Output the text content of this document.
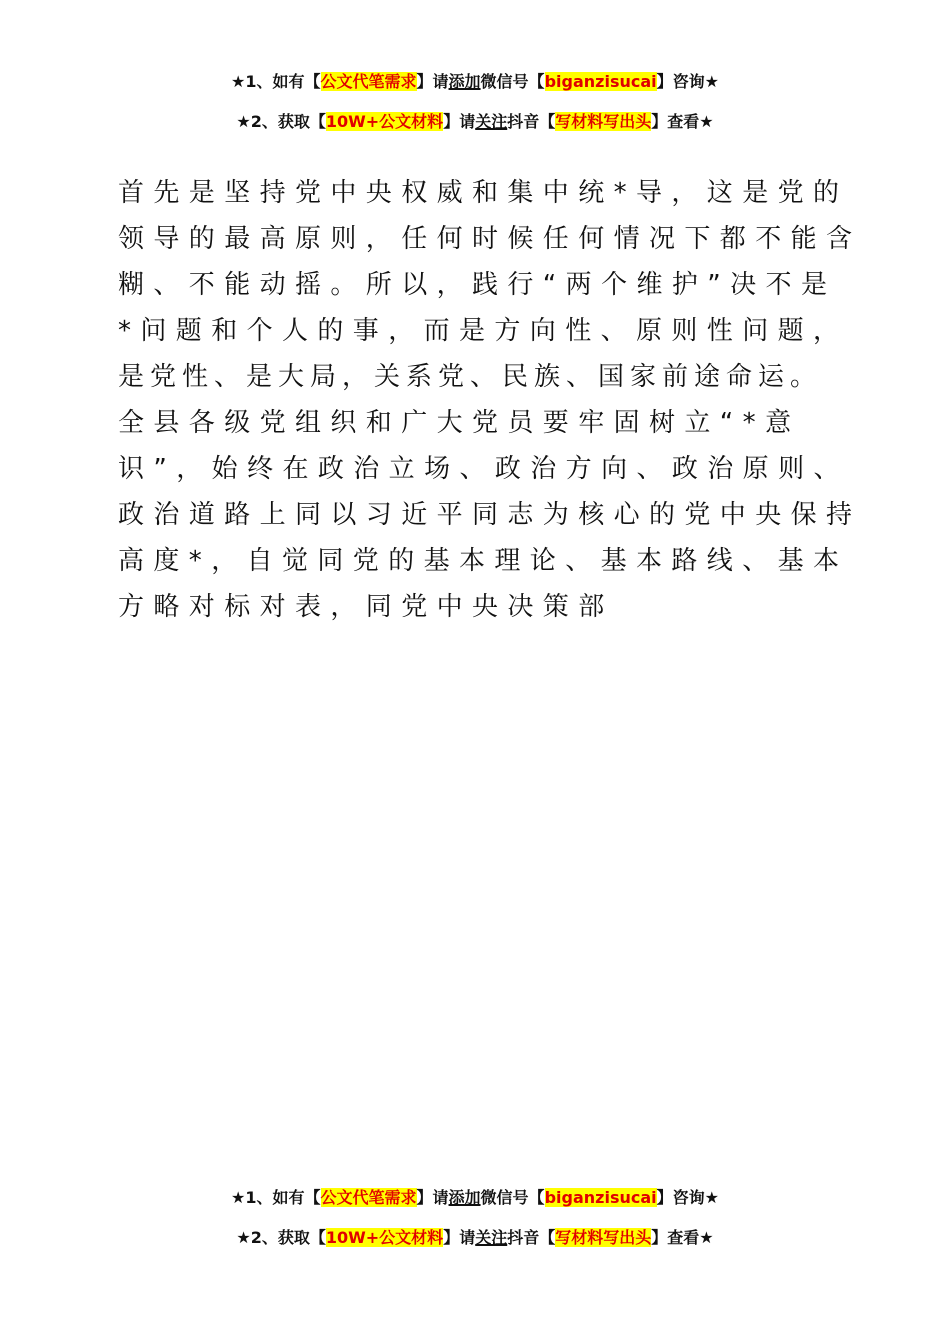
★1、如有【公文代笔需求】请添加微信号【biganzisucai】咨询★
★2、获取【10W+公文材料】请关注抖音【写材料写出头】查看★
首先是坚持党中央权威和集中统*导，这是党的
领导的最高原则，任何时候任何情况下都不能含
糊、不能动摇。所以，践行“两个维护”决不是
*问题和个人的事，而是方向性、原则性问题，
是党性、是大局，关系党、民族、国家前途命运。
全县各级党组织和广大党员要牢固树立“*意
识”，始终在政治立场、政治方向、政治原则、
政治道路上同以习近平同志为核心的党中央保持
高度*，自觉同党的基本理论、基本路线、基本
方略对标对表，同党中央决策部
★1、如有【公文代笔需求】请添加微信号【biganzisucai】咨询★
★2、获取【10W+公文材料】请关注抖音【写材料写出头】查看★
